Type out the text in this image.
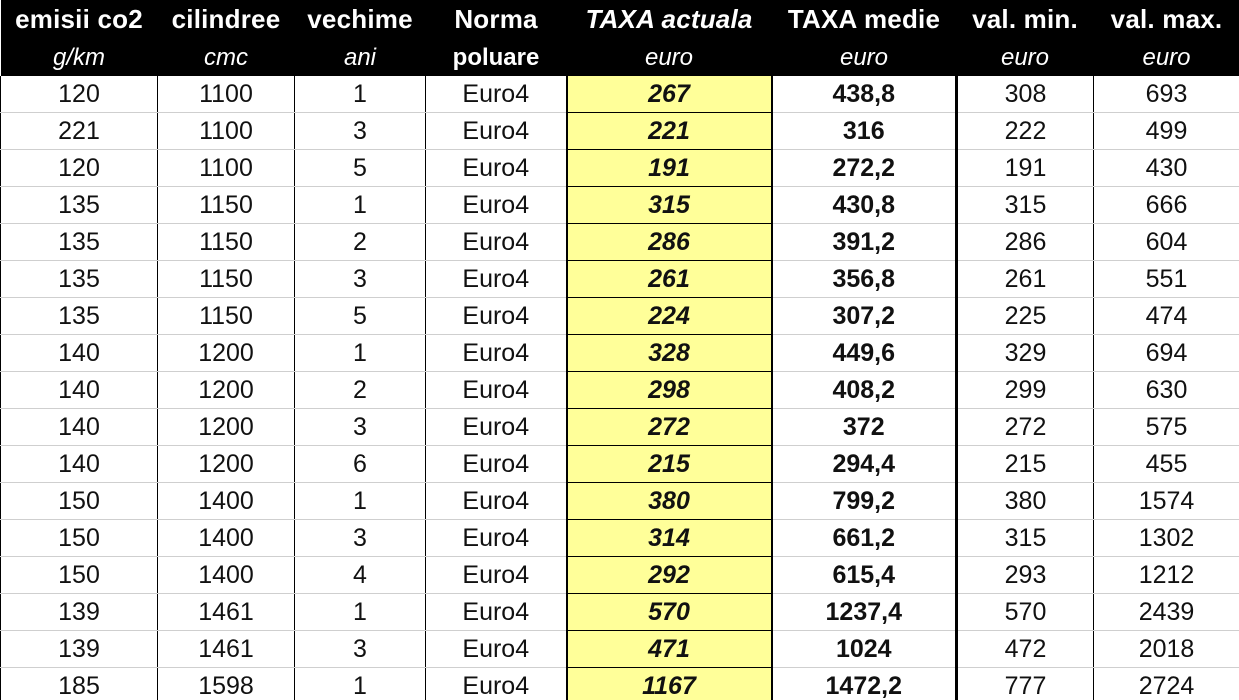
emisii co2	cilindree	vechime	Norma	TAXA actuala	TAXA medie	val. min.	val. max.
g/km	cmc	ani	poluare	euro	euro	euro	euro
120	1100	1	Euro4	267	438,8	308	693
221	1100	3	Euro4	221	316	222	499
120	1100	5	Euro4	191	272,2	191	430
135	1150	1	Euro4	315	430,8	315	666
135	1150	2	Euro4	286	391,2	286	604
135	1150	3	Euro4	261	356,8	261	551
135	1150	5	Euro4	224	307,2	225	474
140	1200	1	Euro4	328	449,6	329	694
140	1200	2	Euro4	298	408,2	299	630
140	1200	3	Euro4	272	372	272	575
140	1200	6	Euro4	215	294,4	215	455
150	1400	1	Euro4	380	799,2	380	1574
150	1400	3	Euro4	314	661,2	315	1302
150	1400	4	Euro4	292	615,4	293	1212
139	1461	1	Euro4	570	1237,4	570	2439
139	1461	3	Euro4	471	1024	472	2018
185	1598	1	Euro4	1167	1472,2	777	2724
